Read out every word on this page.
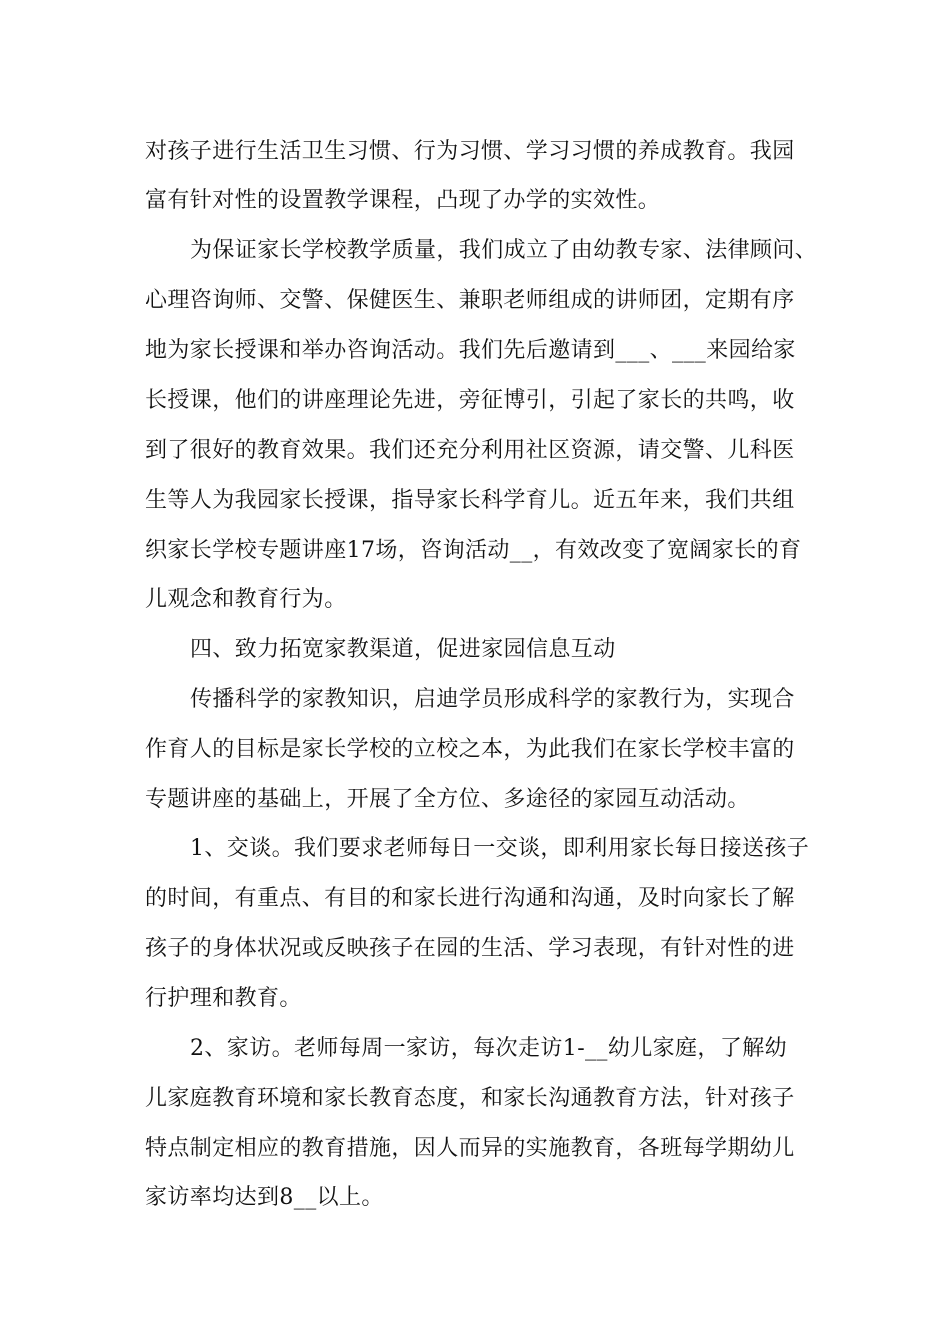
对孩子进行生活卫生习惯、行为习惯、学习习惯的养成教育。我园
富有针对性的设置教学课程，凸现了办学的实效性。
为保证家长学校教学质量，我们成立了由幼教专家、法律顾问、
心理咨询师、交警、保健医生、兼职老师组成的讲师团，定期有序
地为家长授课和举办咨询活动。我们先后邀请到___、___来园给家
长授课，他们的讲座理论先进，旁征博引，引起了家长的共鸣，收
到了很好的教育效果。我们还充分利用社区资源，请交警、儿科医
生等人为我园家长授课，指导家长科学育儿。近五年来，我们共组
织家长学校专题讲座17场，咨询活动__，有效改变了宽阔家长的育
儿观念和教育行为。
四、致力拓宽家教渠道，促进家园信息互动
传播科学的家教知识，启迪学员形成科学的家教行为，实现合
作育人的目标是家长学校的立校之本，为此我们在家长学校丰富的
专题讲座的基础上，开展了全方位、多途径的家园互动活动。
1、交谈。我们要求老师每日一交谈，即利用家长每日接送孩子
的时间，有重点、有目的和家长进行沟通和沟通，及时向家长了解
孩子的身体状况或反映孩子在园的生活、学习表现，有针对性的进
行护理和教育。
2、家访。老师每周一家访，每次走访1-__幼儿家庭，了解幼
儿家庭教育环境和家长教育态度，和家长沟通教育方法，针对孩子
特点制定相应的教育措施，因人而异的实施教育，各班每学期幼儿
家访率均达到8__以上。
